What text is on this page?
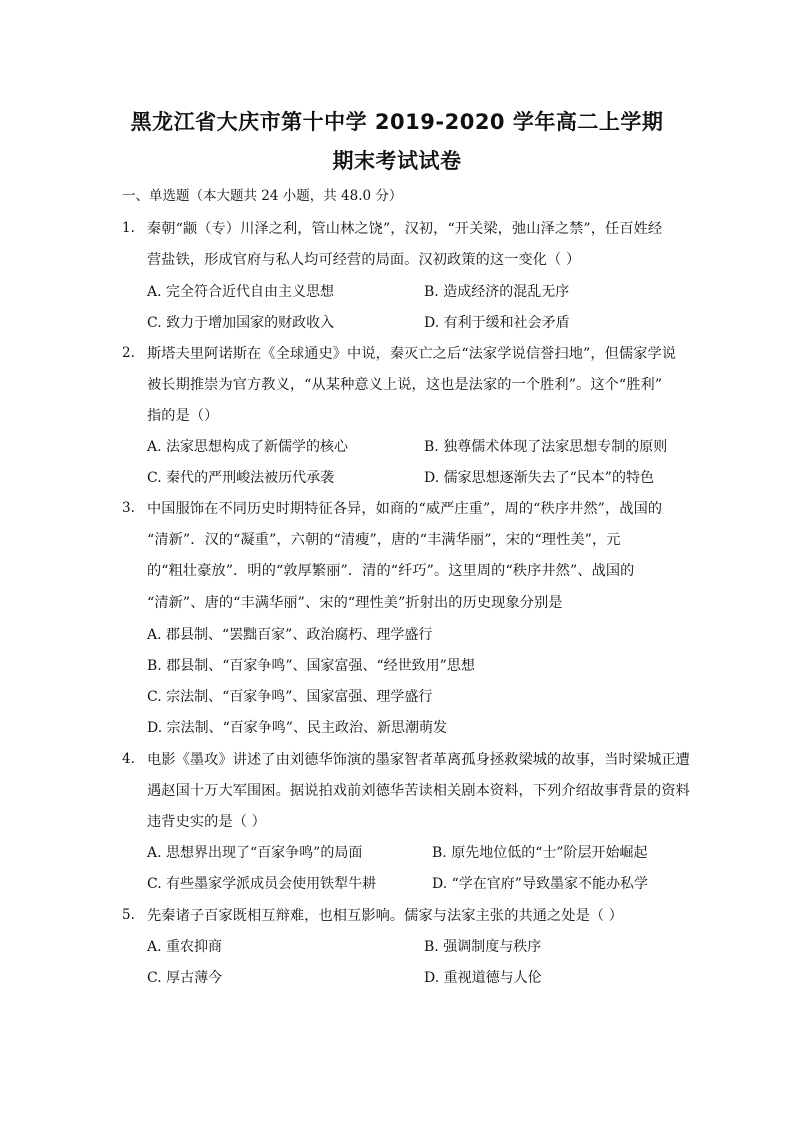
黑龙江省大庆市第十中学 2019-2020 学年高二上学期
期末考试试卷
一、单选题（本大题共 24 小题，共 48.0 分）
1. 秦朝“颛（专）川泽之利，管山林之饶”，汉初，“开关梁，弛山泽之禁”，任百姓经
营盐铁，形成官府与私人均可经营的局面。汉初政策的这一变化（ ）
A. 完全符合近代自由主义思想	B. 造成经济的混乱无序
C. 致力于增加国家的财政收入	D. 有利于缓和社会矛盾
2. 斯塔夫里阿诺斯在《全球通史》中说，秦灭亡之后“法家学说信誉扫地”，但儒家学说
被长期推崇为官方教义，“从某种意义上说，这也是法家的一个胜利”。这个“胜利”
指的是（）
A. 法家思想构成了新儒学的核心	B. 独尊儒术体现了法家思想专制的原则
C. 秦代的严刑峻法被历代承袭	D. 儒家思想逐渐失去了“民本”的特色
3. 中国服饰在不同历史时期特征各异，如商的“威严庄重”，周的“秩序井然”，战国的
“清新”．汉的“凝重”，六朝的“清瘦”，唐的“丰满华丽”，宋的“理性美”，元
的“粗壮豪放”．明的“敦厚繁丽”．清的“纤巧”。这里周的“秩序井然”、战国的
“清新”、唐的“丰满华丽”、宋的“理性美”折射出的历史现象分别是
A. 郡县制、“罢黜百家”、政治腐朽、理学盛行
B. 郡县制、“百家争鸣”、国家富强、“经世致用”思想
C. 宗法制、“百家争鸣”、国家富强、理学盛行
D. 宗法制、“百家争鸣”、民主政治、新思潮萌发
4. 电影《墨攻》讲述了由刘德华饰演的墨家智者革离孤身拯救梁城的故事，当时梁城正遭
遇赵国十万大军围困。据说拍戏前刘德华苦读相关剧本资料，下列介绍故事背景的资料
违背史实的是（ ）
A. 思想界出现了“百家争鸣”的局面	B. 原先地位低的“士”阶层开始崛起
C. 有些墨家学派成员会使用铁犁牛耕	D. “学在官府”导致墨家不能办私学
5. 先秦诸子百家既相互辩难，也相互影响。儒家与法家主张的共通之处是（ ）
A. 重农抑商	B. 强调制度与秩序
C. 厚古薄今	D. 重视道德与人伦
